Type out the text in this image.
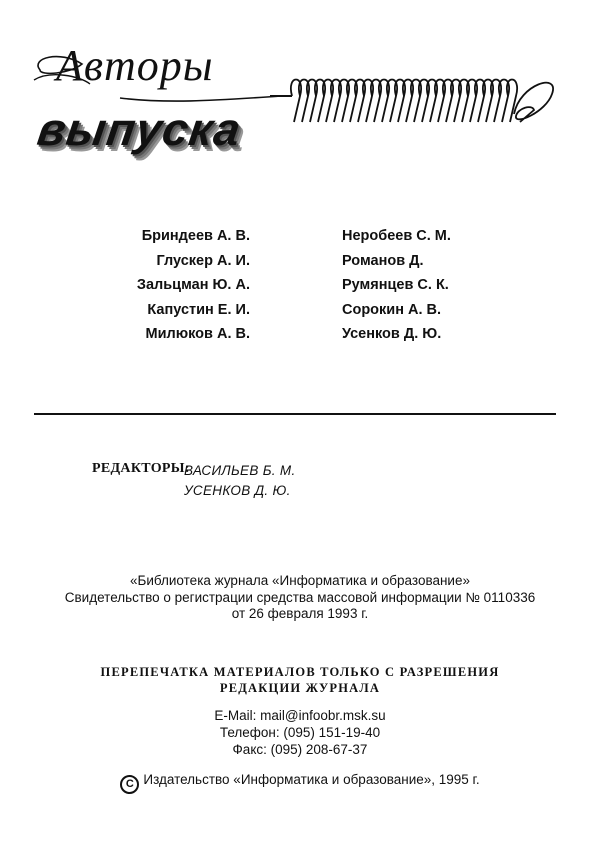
Авторы
выпуска
Бриндеев А. В.
Глускер А. И.
Зальцман Ю. А.
Капустин Е. И.
Милюков А. В.
Неробеев С. М.
Романов Д.
Румянцев С. К.
Сорокин А. В.
Усенков Д. Ю.
РЕДАКТОРЫ:
ВАСИЛЬЕВ Б. М.
УСЕНКОВ Д. Ю.
«Библиотека журнала «Информатика и образование»
Свидетельство о регистрации средства массовой информации № 0110336
от 26 февраля 1993 г.
ПЕРЕПЕЧАТКА МАТЕРИАЛОВ ТОЛЬКО С РАЗРЕШЕНИЯ
РЕДАКЦИИ ЖУРНАЛА
E-Mail: mail@infoobr.msk.su
Телефон: (095) 151-19-40
Факс: (095) 208-67-37
C Издательство «Информатика и образование», 1995 г.
